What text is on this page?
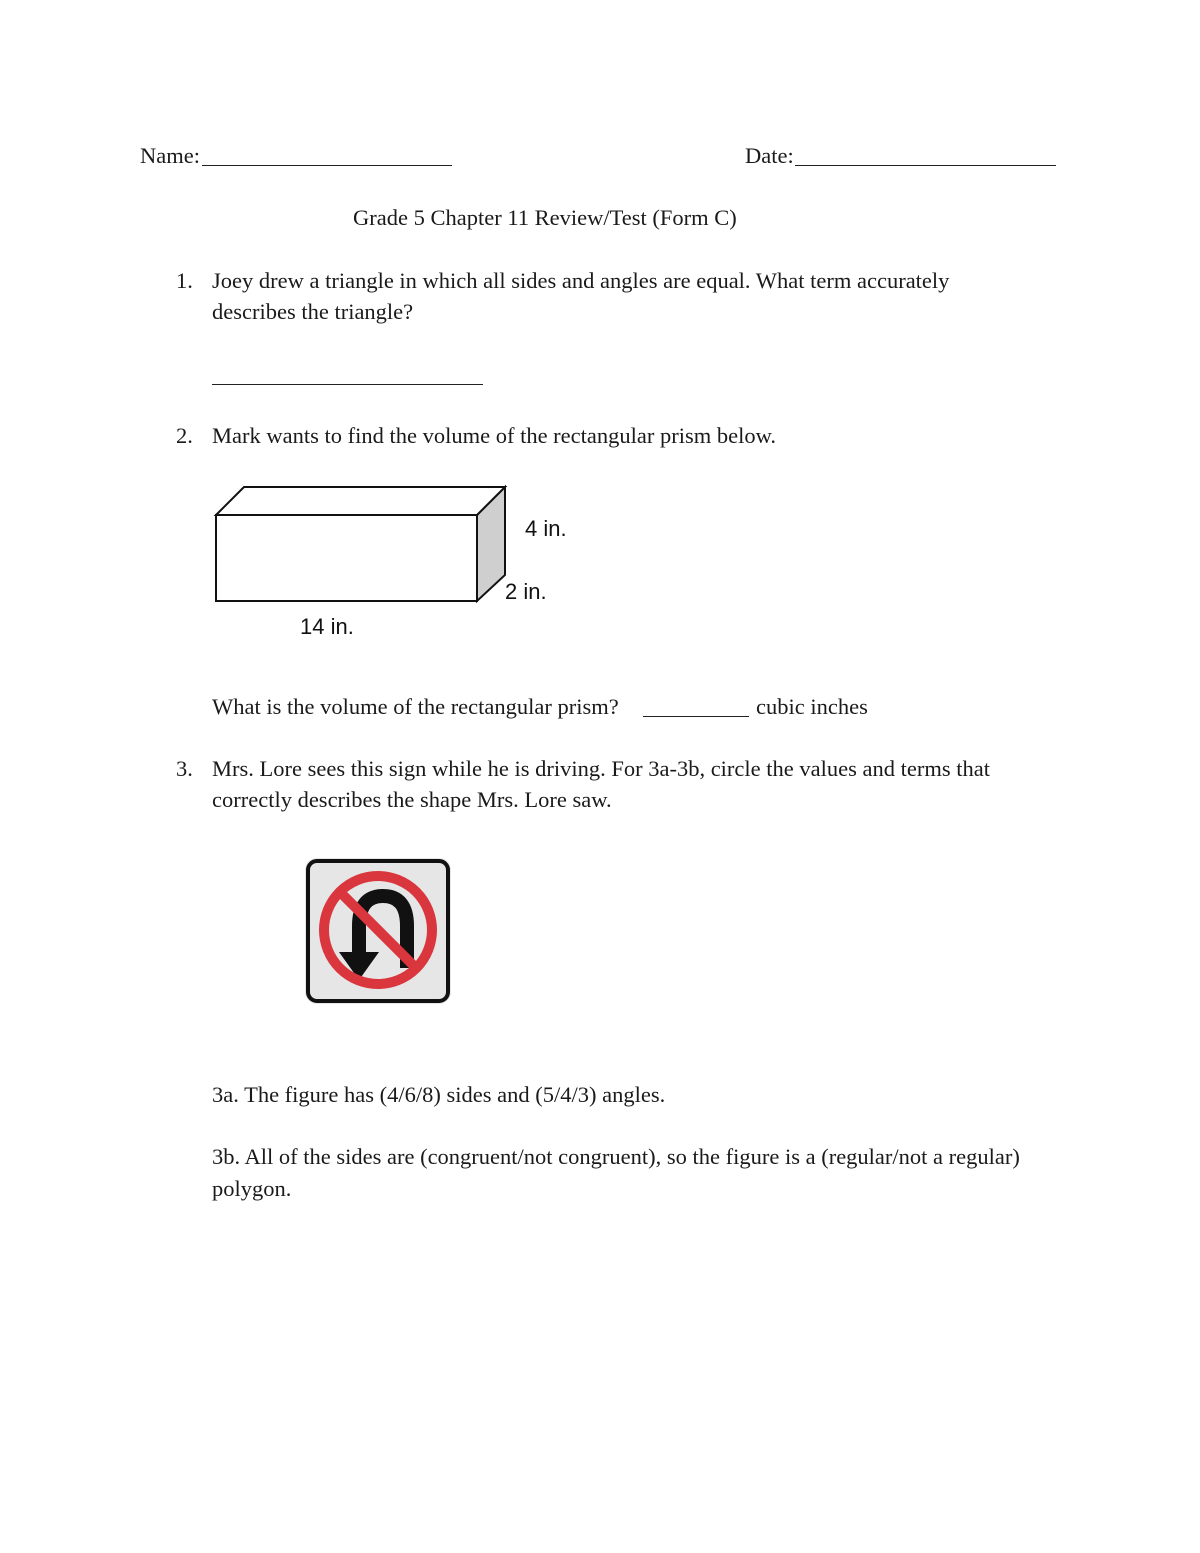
Name:	Date:
Grade 5 Chapter 11 Review/Test (Form C)
1. Joey drew a triangle in which all sides and angles are equal. What term accurately
describes the triangle?
2. Mark wants to find the volume of the rectangular prism below.
4 in.
2 in.
14 in.
What is the volume of the rectangular prism?	cubic inches
3. Mrs. Lore sees this sign while he is driving. For 3a-3b, circle the values and terms that
correctly describes the shape Mrs. Lore saw.
3a. The figure has (4/6/8) sides and (5/4/3) angles.
3b. All of the sides are (congruent/not congruent), so the figure is a (regular/not a regular)
polygon.
